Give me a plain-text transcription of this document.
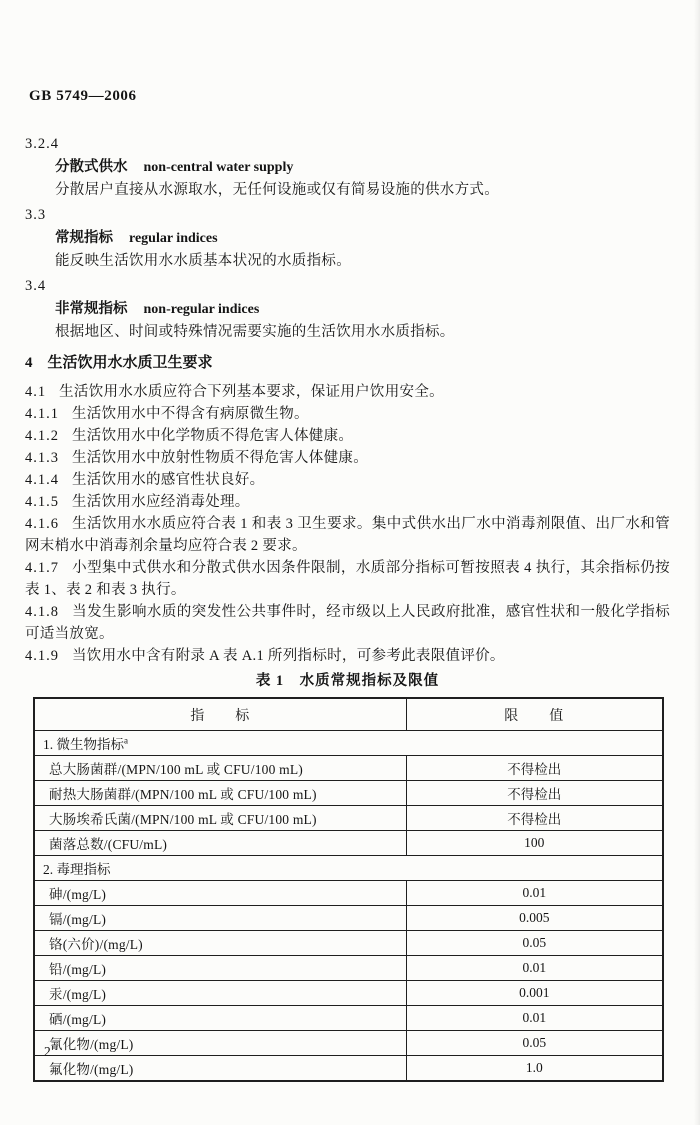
GB 5749—2006
3.2.4
分散式供水 non-central water supply
分散居户直接从水源取水，无任何设施或仅有简易设施的供水方式。
3.3
常规指标 regular indices
能反映生活饮用水水质基本状况的水质指标。
3.4
非常规指标 non-regular indices
根据地区、时间或特殊情况需要实施的生活饮用水水质指标。
4 生活饮用水水质卫生要求

4.1 生活饮用水水质应符合下列基本要求，保证用户饮用安全。

4.1.1 生活饮用水中不得含有病原微生物。

4.1.2 生活饮用水中化学物质不得危害人体健康。

4.1.3 生活饮用水中放射性物质不得危害人体健康。

4.1.4 生活饮用水的感官性状良好。

4.1.5 生活饮用水应经消毒处理。

4.1.6 生活饮用水水质应符合表 1 和表 3 卫生要求。集中式供水出厂水中消毒剂限值、出厂水和管网末梢水中消毒剂余量均应符合表 2 要求。

4.1.7 小型集中式供水和分散式供水因条件限制，水质部分指标可暂按照表 4 执行，其余指标仍按表 1、表 2 和表 3 执行。

4.1.8 当发生影响水质的突发性公共事件时，经市级以上人民政府批准，感官性状和一般化学指标可适当放宽。

4.1.9 当饮用水中含有附录 A 表 A.1 所列指标时，可参考此表限值评价。

表 1　水质常规指标及限值
指　　标	限　　值
1. 微生物指标$^a$
总大肠菌群/(MPN/100 mL 或 CFU/100 mL)	不得检出
耐热大肠菌群/(MPN/100 mL 或 CFU/100 mL)	不得检出
大肠埃希氏菌/(MPN/100 mL 或 CFU/100 mL)	不得检出
菌落总数/(CFU/mL)	100
2. 毒理指标	
砷/(mg/L)	0.01
镉/(mg/L)	0.005
铬(六价)/(mg/L)	0.05
铅/(mg/L)	0.01
汞/(mg/L)	0.001
硒/(mg/L)	0.01
氰化物/(mg/L)	0.05
氟化物/(mg/L)	1.0
2
